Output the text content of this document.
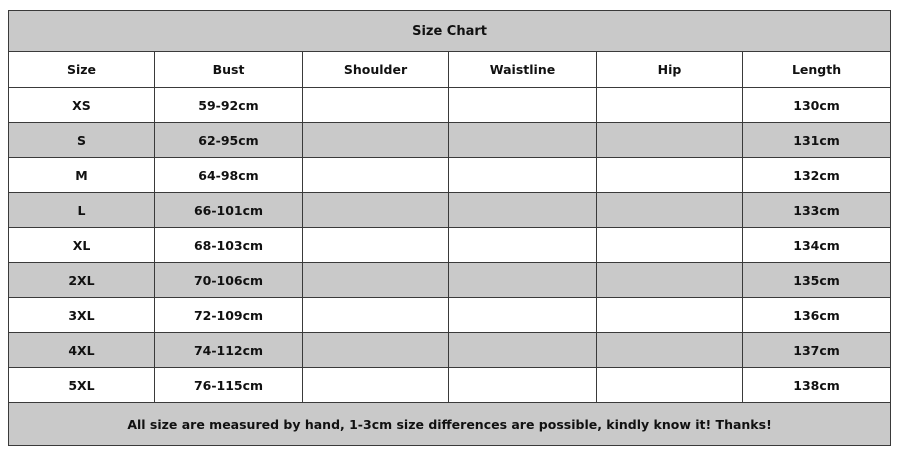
Size Chart					
Size	Bust	Shoulder	Waistline	Hip	Length
XS	59-92cm				130cm
S	62-95cm				131cm
M	64-98cm				132cm
L	66-101cm				133cm
XL	68-103cm				134cm
2XL	70-106cm				135cm
3XL	72-109cm				136cm
4XL	74-112cm				137cm
5XL	76-115cm				138cm
All size are measured by hand, 1-3cm size differences are possible, kindly know it! Thanks!					
